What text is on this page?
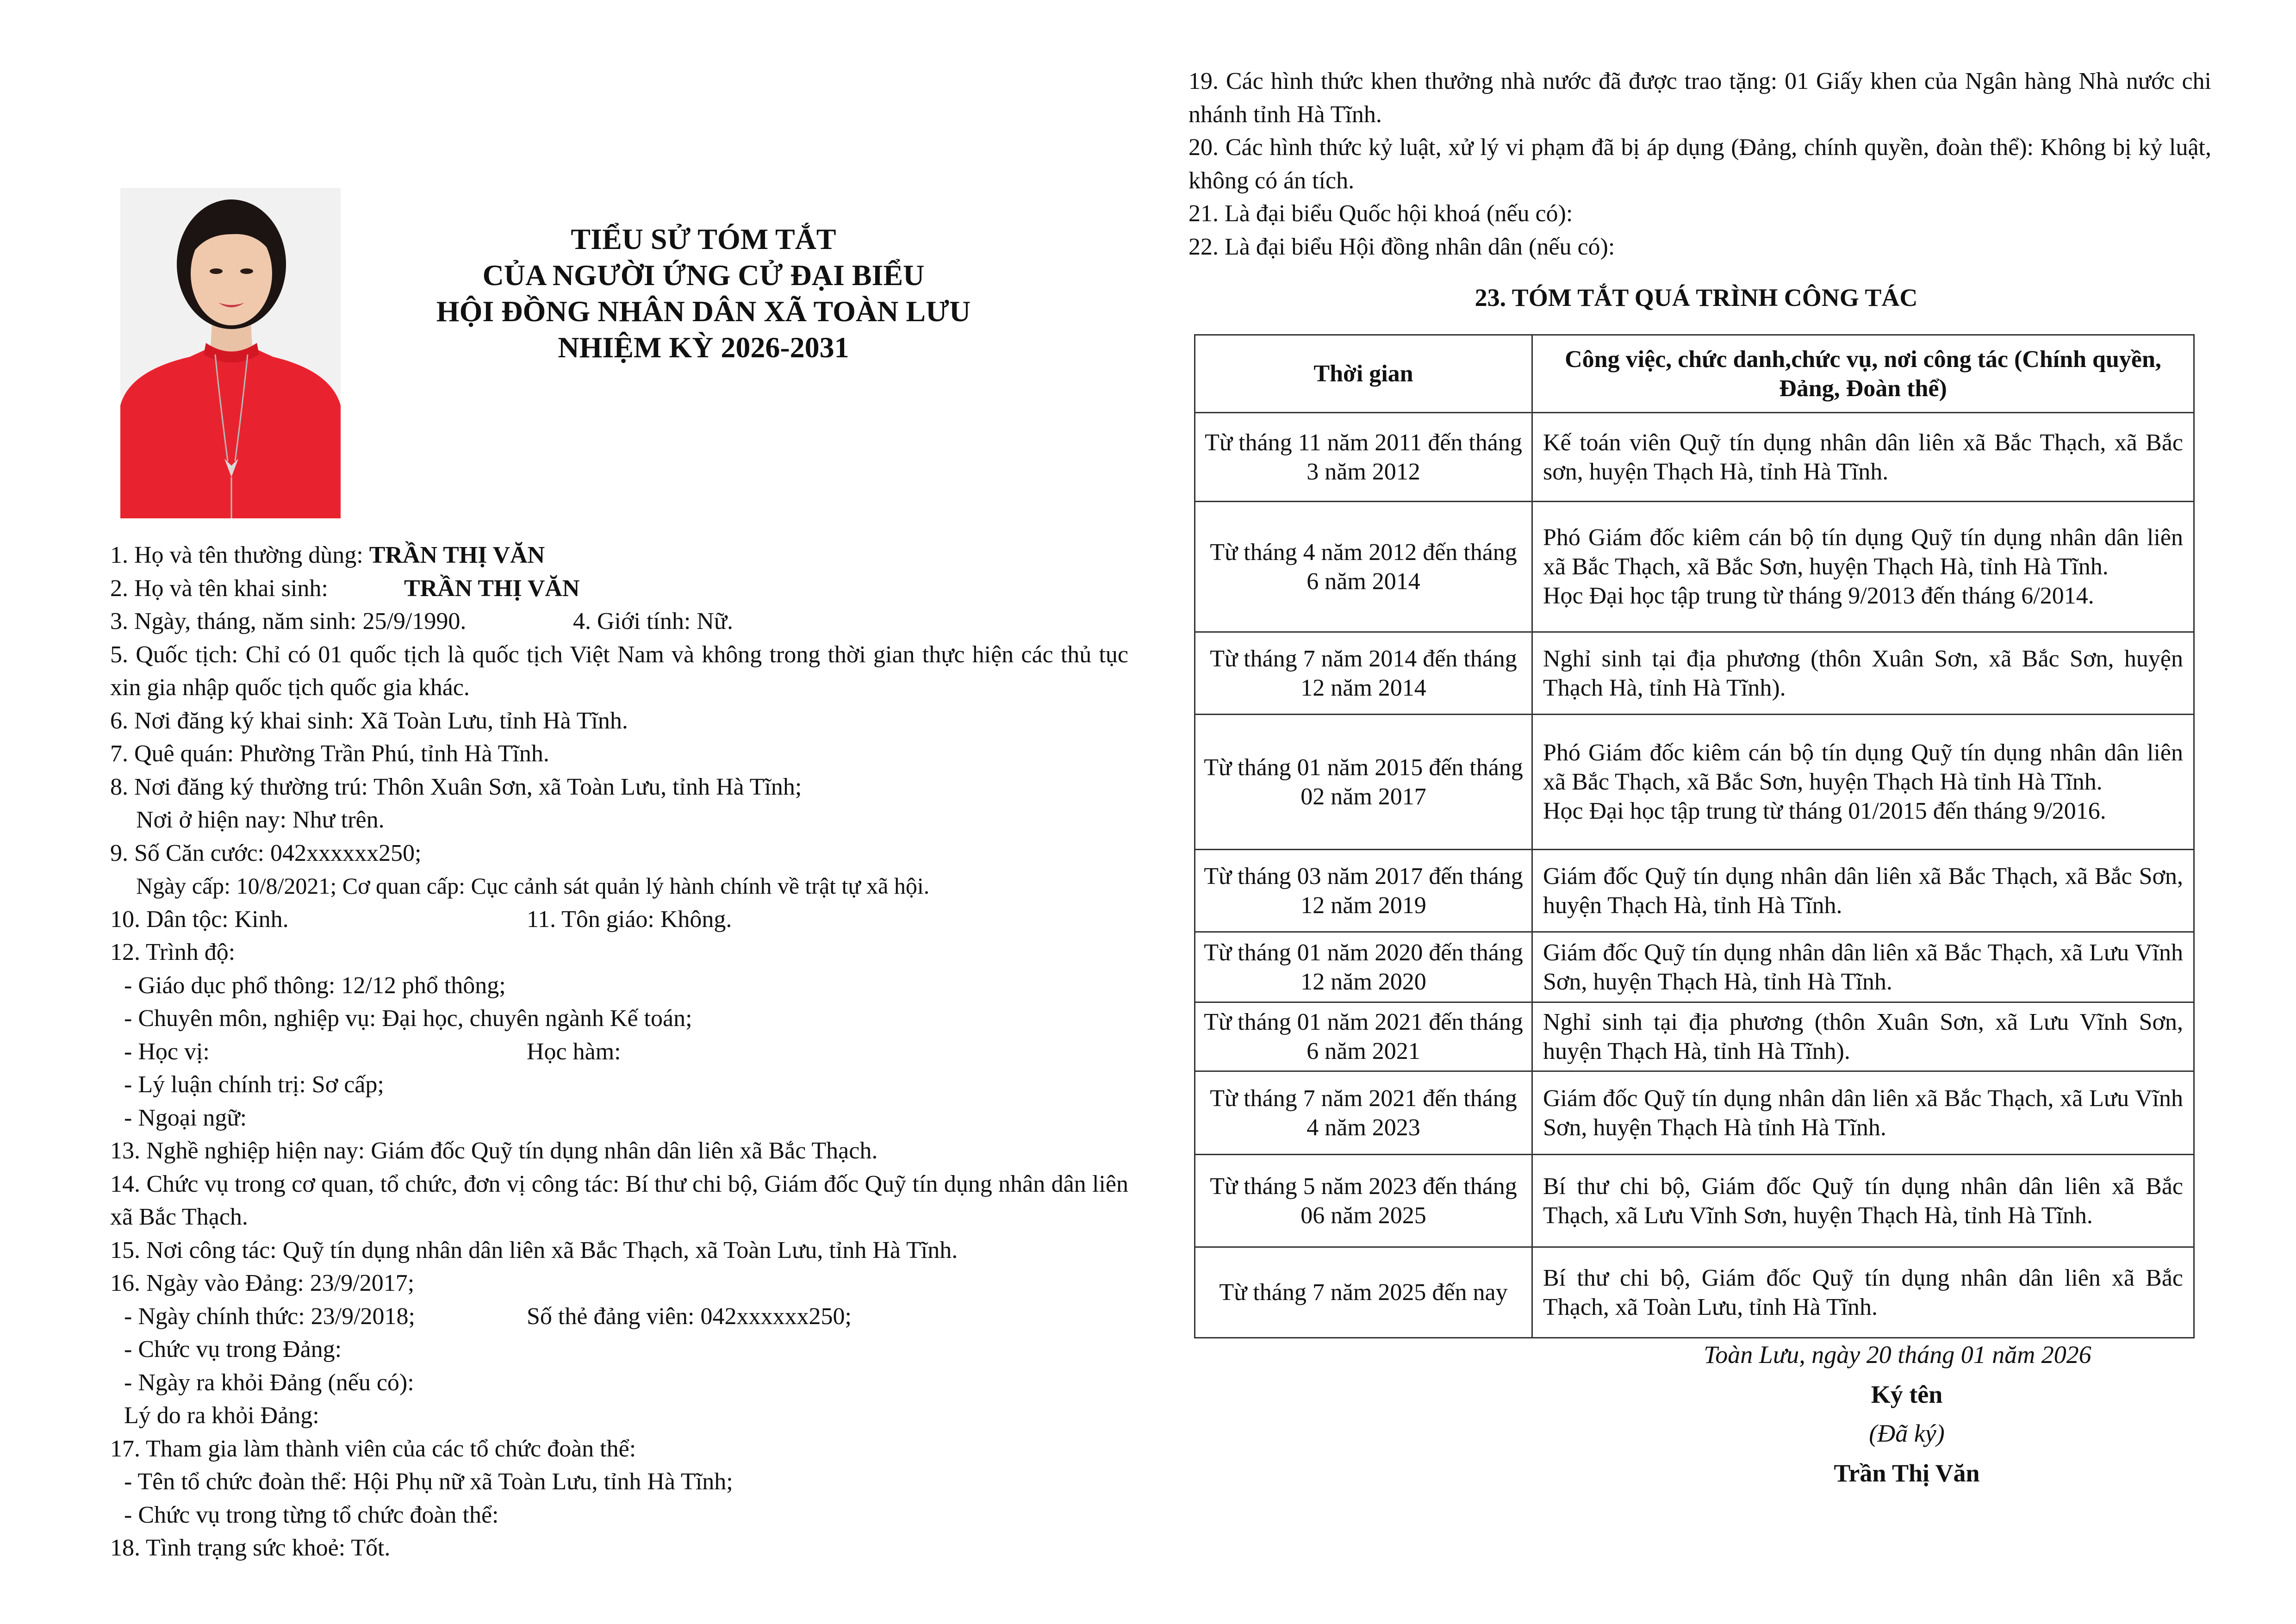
TIỂU SỬ TÓM TẮT
CỦA NGƯỜI ỨNG CỬ ĐẠI BIỂU
HỘI ĐỒNG NHÂN DÂN XÃ TOÀN LƯU
NHIỆM KỲ 2026-2031
1. Họ và tên thường dùng: TRẦN THỊ VĂN
2. Họ và tên khai sinh:	TRẦN THỊ VĂN
3. Ngày, tháng, năm sinh: 25/9/1990.	4. Giới tính: Nữ.
5. Quốc tịch: Chỉ có 01 quốc tịch là quốc tịch Việt Nam và không trong thời gian thực hiện các thủ tục xin gia nhập quốc tịch quốc gia khác.
6. Nơi đăng ký khai sinh: Xã Toàn Lưu, tỉnh Hà Tĩnh.
7. Quê quán: Phường Trần Phú, tỉnh Hà Tĩnh.
8. Nơi đăng ký thường trú: Thôn Xuân Sơn, xã Toàn Lưu, tỉnh Hà Tĩnh;
Nơi ở hiện nay: Như trên.
9. Số Căn cước: 042xxxxxx250;
Ngày cấp: 10/8/2021; Cơ quan cấp: Cục cảnh sát quản lý hành chính về trật tự xã hội.
10. Dân tộc: Kinh.	11. Tôn giáo: Không.
12. Trình độ:
- Giáo dục phổ thông: 12/12 phổ thông;
- Chuyên môn, nghiệp vụ: Đại học, chuyên ngành Kế toán;
- Học vị:	Học hàm:
- Lý luận chính trị: Sơ cấp;
- Ngoại ngữ:
13. Nghề nghiệp hiện nay: Giám đốc Quỹ tín dụng nhân dân liên xã Bắc Thạch.
14. Chức vụ trong cơ quan, tổ chức, đơn vị công tác: Bí thư chi bộ, Giám đốc Quỹ tín dụng nhân dân liên xã Bắc Thạch.
15. Nơi công tác: Quỹ tín dụng nhân dân liên xã Bắc Thạch, xã Toàn Lưu, tỉnh Hà Tĩnh.
16. Ngày vào Đảng: 23/9/2017;
- Ngày chính thức: 23/9/2018;	Số thẻ đảng viên: 042xxxxxx250;
- Chức vụ trong Đảng:
- Ngày ra khỏi Đảng (nếu có):
Lý do ra khỏi Đảng:
17. Tham gia làm thành viên của các tổ chức đoàn thể:
- Tên tổ chức đoàn thể: Hội Phụ nữ xã Toàn Lưu, tỉnh Hà Tĩnh;
- Chức vụ trong từng tổ chức đoàn thể:
18. Tình trạng sức khoẻ: Tốt.
19. Các hình thức khen thưởng nhà nước đã được trao tặng: 01 Giấy khen của Ngân hàng Nhà nước chi nhánh tỉnh Hà Tĩnh.
20. Các hình thức kỷ luật, xử lý vi phạm đã bị áp dụng (Đảng, chính quyền, đoàn thể): Không bị kỷ luật, không có án tích.
21. Là đại biểu Quốc hội khoá (nếu có):
22. Là đại biểu Hội đồng nhân dân (nếu có):
23. TÓM TẮT QUÁ TRÌNH CÔNG TÁC
Thời gian	Công việc, chức danh,chức vụ, nơi công tác (Chính quyền, Đảng, Đoàn thể)
Từ tháng 11 năm 2011 đến tháng 3 năm 2012	Kế toán viên Quỹ tín dụng nhân dân liên xã Bắc Thạch, xã Bắc sơn, huyện Thạch Hà, tỉnh Hà Tĩnh.

Từ tháng 4 năm 2012 đến tháng 6 năm 2014	Phó Giám đốc kiêm cán bộ tín dụng Quỹ tín dụng nhân dân liên xã Bắc Thạch, xã Bắc Sơn, huyện Thạch Hà, tỉnh Hà Tĩnh.
Học Đại học tập trung từ tháng 9/2013 đến tháng 6/2014.

Từ tháng 7 năm 2014 đến tháng 12 năm 2014	Nghỉ sinh tại địa phương (thôn Xuân Sơn, xã Bắc Sơn, huyện Thạch Hà, tỉnh Hà Tĩnh).

Từ tháng 01 năm 2015 đến tháng 02 năm 2017	Phó Giám đốc kiêm cán bộ tín dụng Quỹ tín dụng nhân dân liên xã Bắc Thạch, xã Bắc Sơn, huyện Thạch Hà tỉnh Hà Tĩnh.
Học Đại học tập trung từ tháng 01/2015 đến tháng 9/2016.

Từ tháng 03 năm 2017 đến tháng 12 năm 2019	Giám đốc Quỹ tín dụng nhân dân liên xã Bắc Thạch, xã Bắc Sơn, huyện Thạch Hà, tỉnh Hà Tĩnh.

Từ tháng 01 năm 2020 đến tháng 12 năm 2020	Giám đốc Quỹ tín dụng nhân dân liên xã Bắc Thạch, xã Lưu Vĩnh Sơn, huyện Thạch Hà, tỉnh Hà Tĩnh.

Từ tháng 01 năm 2021 đến tháng 6 năm 2021	Nghỉ sinh tại địa phương (thôn Xuân Sơn, xã Lưu Vĩnh Sơn, huyện Thạch Hà, tỉnh Hà Tĩnh).

Từ tháng 7 năm 2021 đến tháng 4 năm 2023	Giám đốc Quỹ tín dụng nhân dân liên xã Bắc Thạch, xã Lưu Vĩnh Sơn, huyện Thạch Hà tỉnh Hà Tĩnh.

Từ tháng 5 năm 2023 đến tháng 06 năm 2025	Bí thư chi bộ, Giám đốc Quỹ tín dụng nhân dân liên xã Bắc Thạch, xã Lưu Vĩnh Sơn, huyện Thạch Hà, tỉnh Hà Tĩnh.

Từ tháng 7 năm 2025 đến nay	Bí thư chi bộ, Giám đốc Quỹ tín dụng nhân dân liên xã Bắc Thạch, xã Toàn Lưu, tỉnh Hà Tĩnh.
Toàn Lưu, ngày 20 tháng 01 năm 2026
Ký tên
(Đã ký)
Trần Thị Văn
